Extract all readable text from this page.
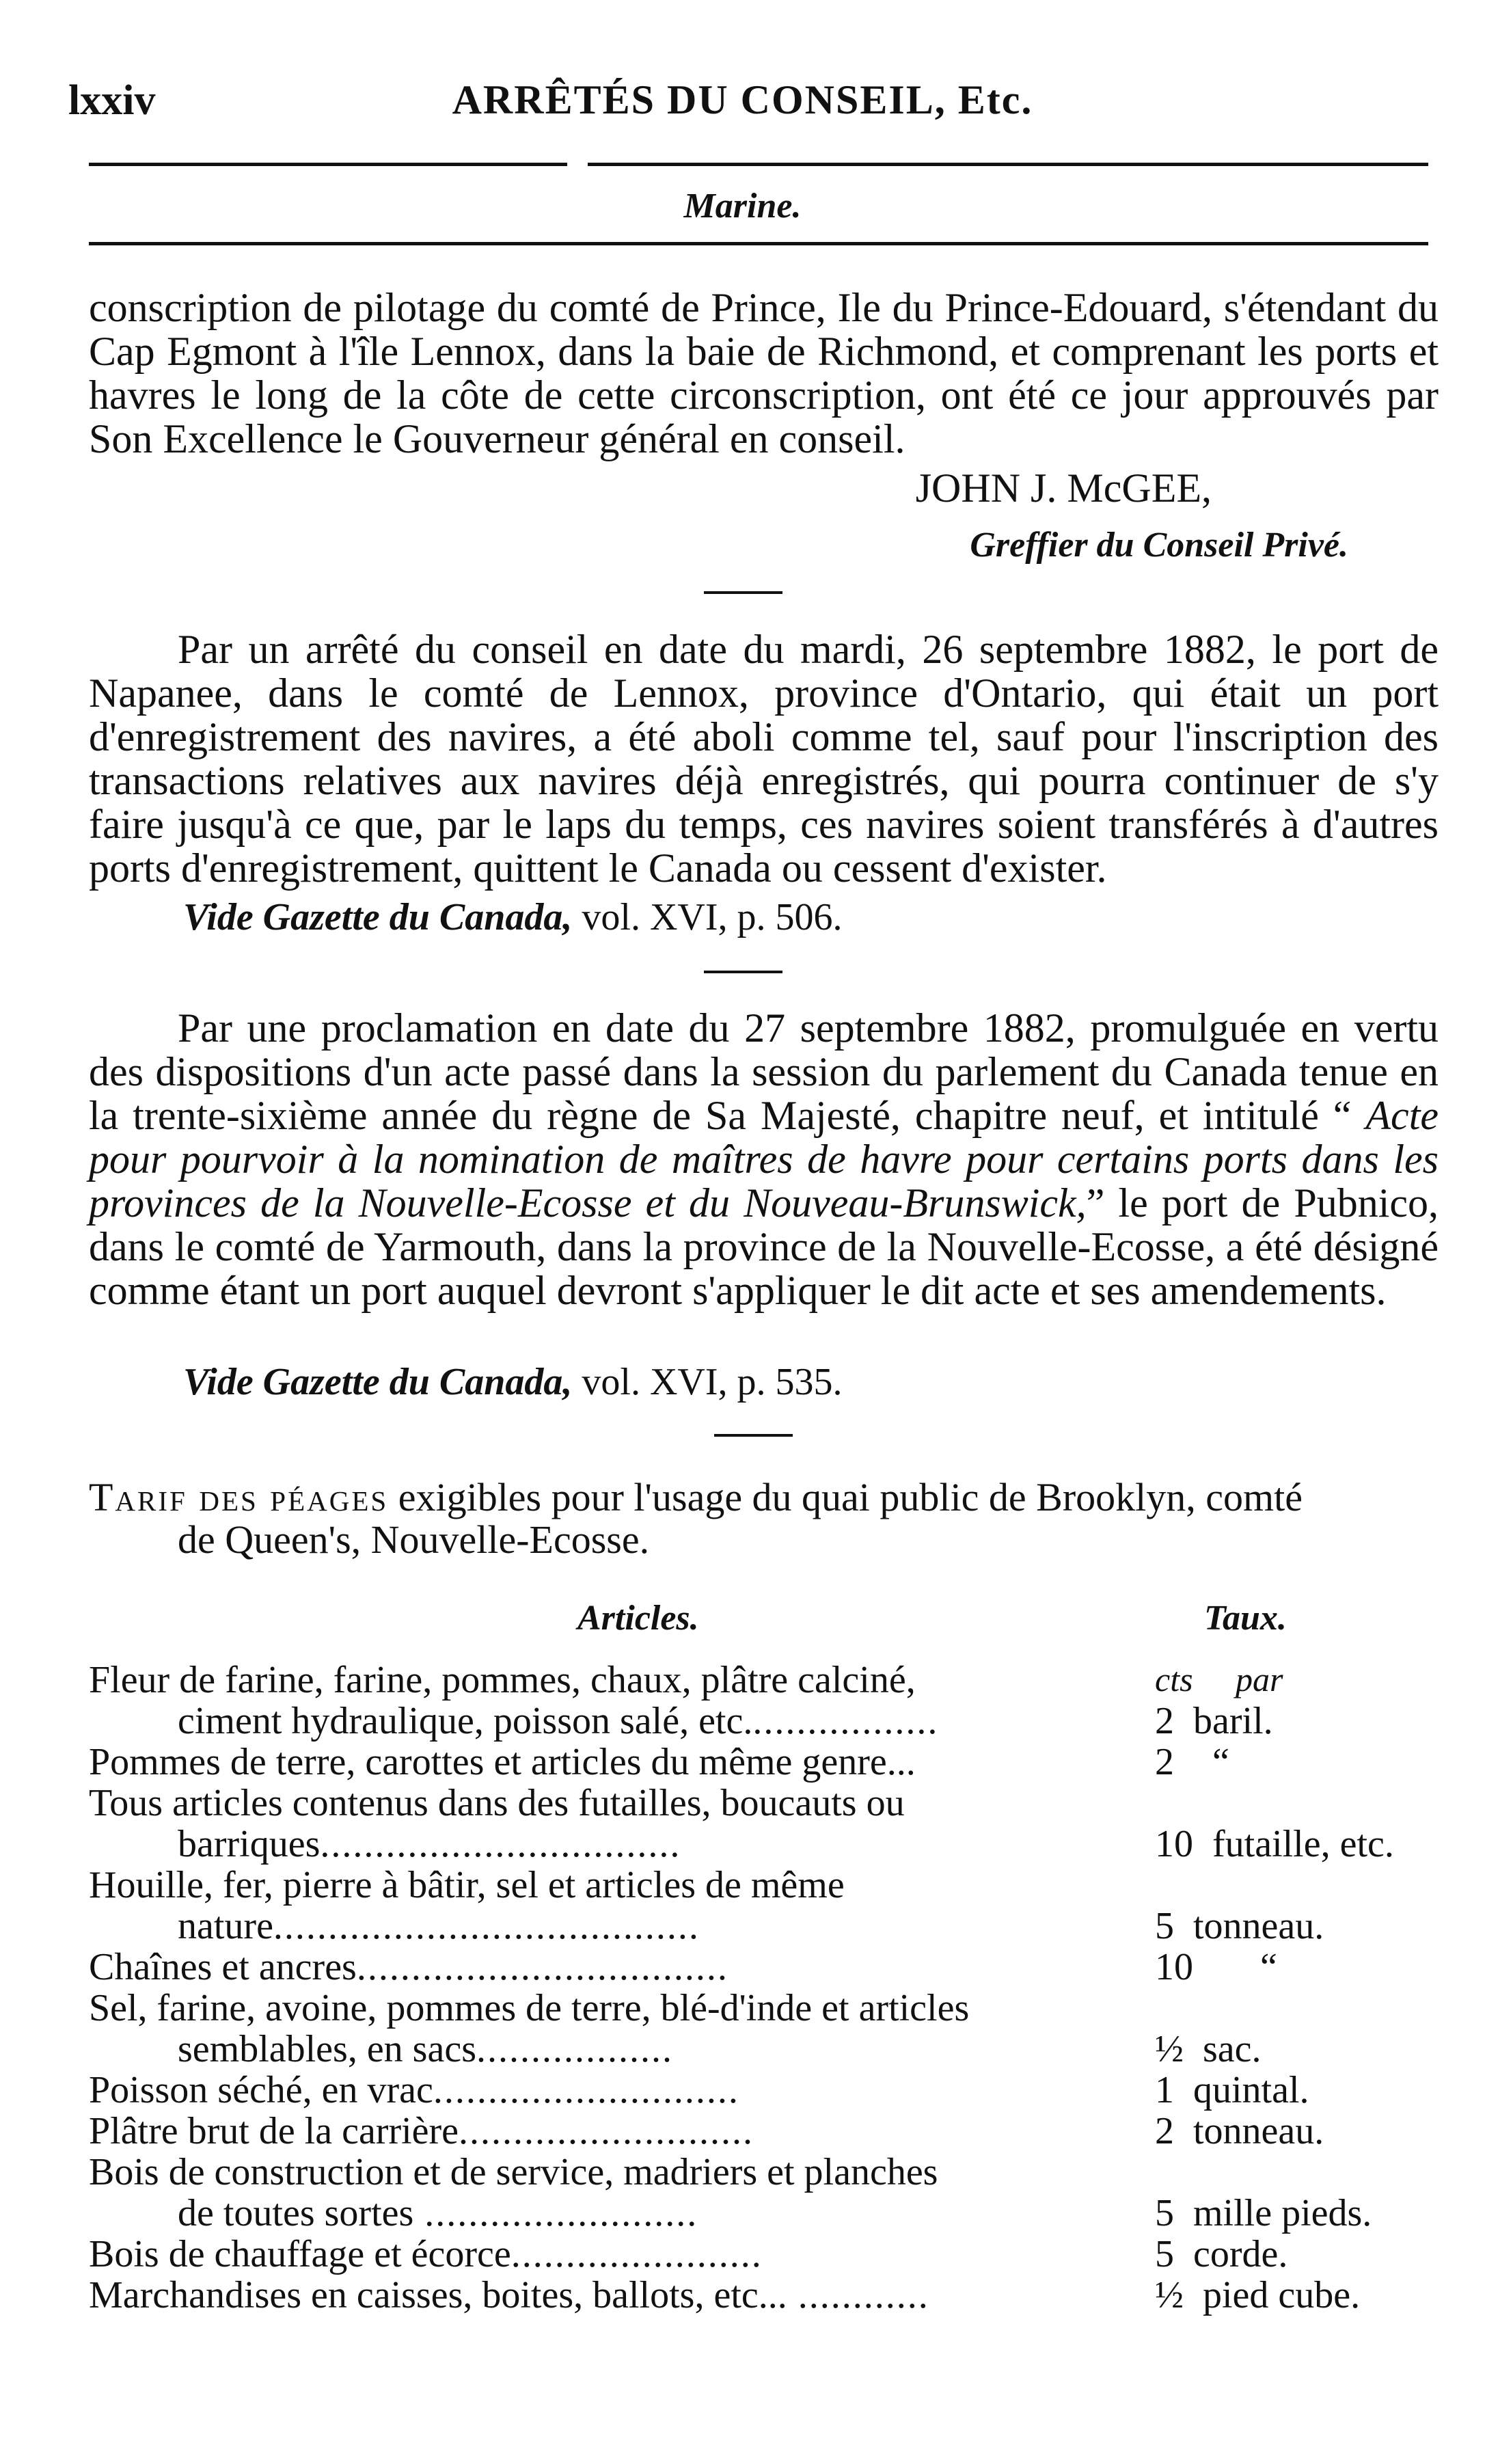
lxxiv	ARRÊTÉS DU CONSEIL, Etc.
Marine.
conscription de pilotage du comté de Prince, Ile du Prince-Edouard, s'étendant du Cap Egmont à l'île Lennox, dans la baie de Richmond, et comprenant les ports et havres le long de la côte de cette circonscription, ont été ce jour approuvés par Son Excellence le Gouverneur général en conseil.
JOHN J. McGEE,
Greffier du Conseil Privé.
Par un arrêté du conseil en date du mardi, 26 septembre 1882, le port de Napanee, dans le comté de Lennox, province d'Ontario, qui était un port d'enregistrement des navires, a été aboli comme tel, sauf pour l'inscription des transactions relatives aux navires déjà enregistrés, qui pourra continuer de s'y faire jusqu'à ce que, par le laps du temps, ces navires soient transférés à d'autres ports d'enregistrement, quittent le Canada ou cessent d'exister.
Vide Gazette du Canada, vol. XVI, p. 506.
Par une proclamation en date du 27 septembre 1882, promulguée en vertu des dispositions d'un acte passé dans la session du parlement du Canada tenue en la trente-sixième année du règne de Sa Majesté, chapitre neuf, et intitulé “ Acte pour pourvoir à la nomination de maîtres de havre pour certains ports dans les provinces de la Nouvelle-Ecosse et du Nouveau-Brunswick,” le port de Pubnico, dans le comté de Yarmouth, dans la province de la Nouvelle-Ecosse, a été désigné comme étant un port auquel devront s'appliquer le dit acte et ses amendements.
Vide Gazette du Canada, vol. XVI, p. 535.
Tarif des péages exigibles pour l'usage du quai public de Brooklyn, comté
de Queen's, Nouvelle-Ecosse.
Articles.	Taux.
cts     par
Fleur de farine, farine, pommes, chaux, plâtre calciné,
ciment hydraulique, poisson salé, etc..................	2  baril.
Pommes de terre, carottes et articles du même genre...	2    “
Tous articles contenus dans des futailles, boucauts ou
barriques.................................	10  futaille, etc.
Houille, fer, pierre à bâtir, sel et articles de même
nature.......................................	5  tonneau.
Chaînes et ancres..................................	10       “
Sel, farine, avoine, pommes de terre, blé-d'inde et articles
semblables, en sacs..................	½  sac.
Poisson séché, en vrac............................	1  quintal.
Plâtre brut de la carrière...........................	2  tonneau.
Bois de construction et de service, madriers et planches
de toutes sortes .........................	5  mille pieds.
Bois de chauffage et écorce.......................	5  corde.
Marchandises en caisses, boites, ballots, etc... ............	½  pied cube.
